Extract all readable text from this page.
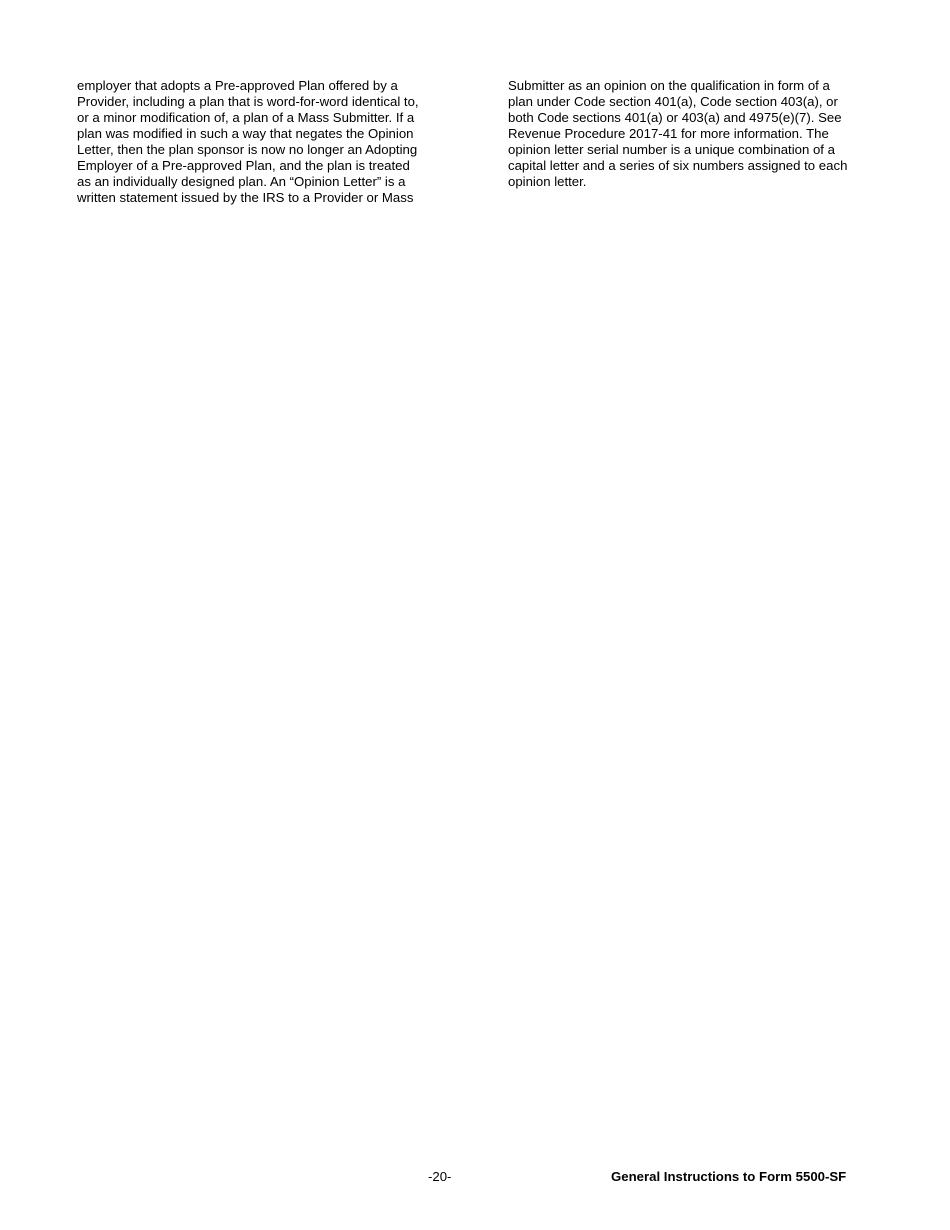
employer that adopts a Pre-approved Plan offered by a
Provider, including a plan that is word-for-word identical to,
or a minor modification of, a plan of a Mass Submitter. If a
plan was modified in such a way that negates the Opinion
Letter, then the plan sponsor is now no longer an Adopting
Employer of a Pre-approved Plan, and the plan is treated
as an individually designed plan. An “Opinion Letter” is a
written statement issued by the IRS to a Provider or Mass
Submitter as an opinion on the qualification in form of a
plan under Code section 401(a), Code section 403(a), or
both Code sections 401(a) or 403(a) and 4975(e)(7). See
Revenue Procedure 2017-41 for more information. The
opinion letter serial number is a unique combination of a
capital letter and a series of six numbers assigned to each
opinion letter.
-20-	General Instructions to Form 5500-SF
